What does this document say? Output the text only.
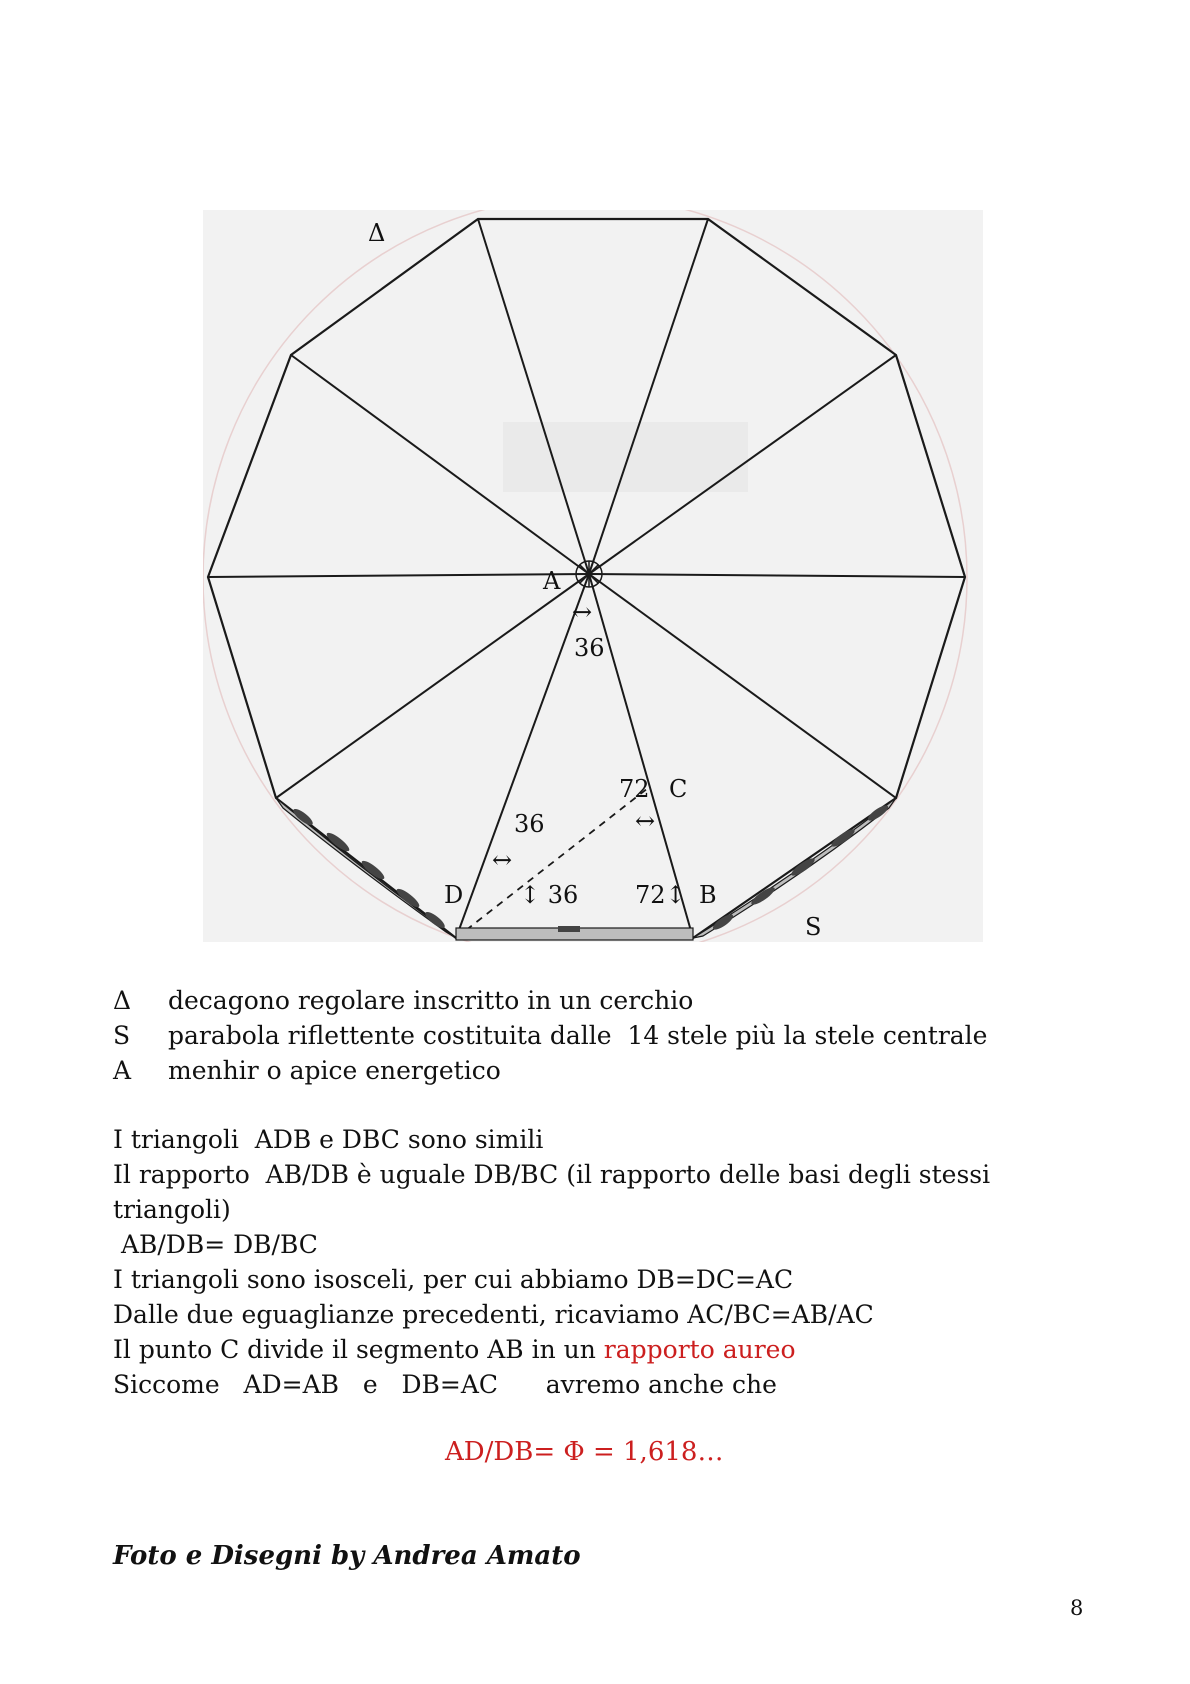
Δ
A
↔
36
72 C
↔
36
↔
D ↕ 36 72↕ B
S
Δ	decagono regolare inscritto in un cerchio
S	parabola riflettente costituita dalle  14 stele più la stele centrale
A	menhir o apice energetico
I triangoli  ADB e DBC sono simili
Il rapporto  AB/DB è uguale DB/BC (il rapporto delle basi degli stessi
triangoli)
AB/DB= DB/BC
I triangoli sono isosceli, per cui abbiamo DB=DC=AC
Dalle due eguaglianze precedenti, ricaviamo AC/BC=AB/AC
Il punto C divide il segmento AB in un rapporto aureo
Siccome   AD=AB   e   DB=AC      avremo anche che
AD/DB= Φ = 1,618…
Foto e Disegni by Andrea Amato
8
